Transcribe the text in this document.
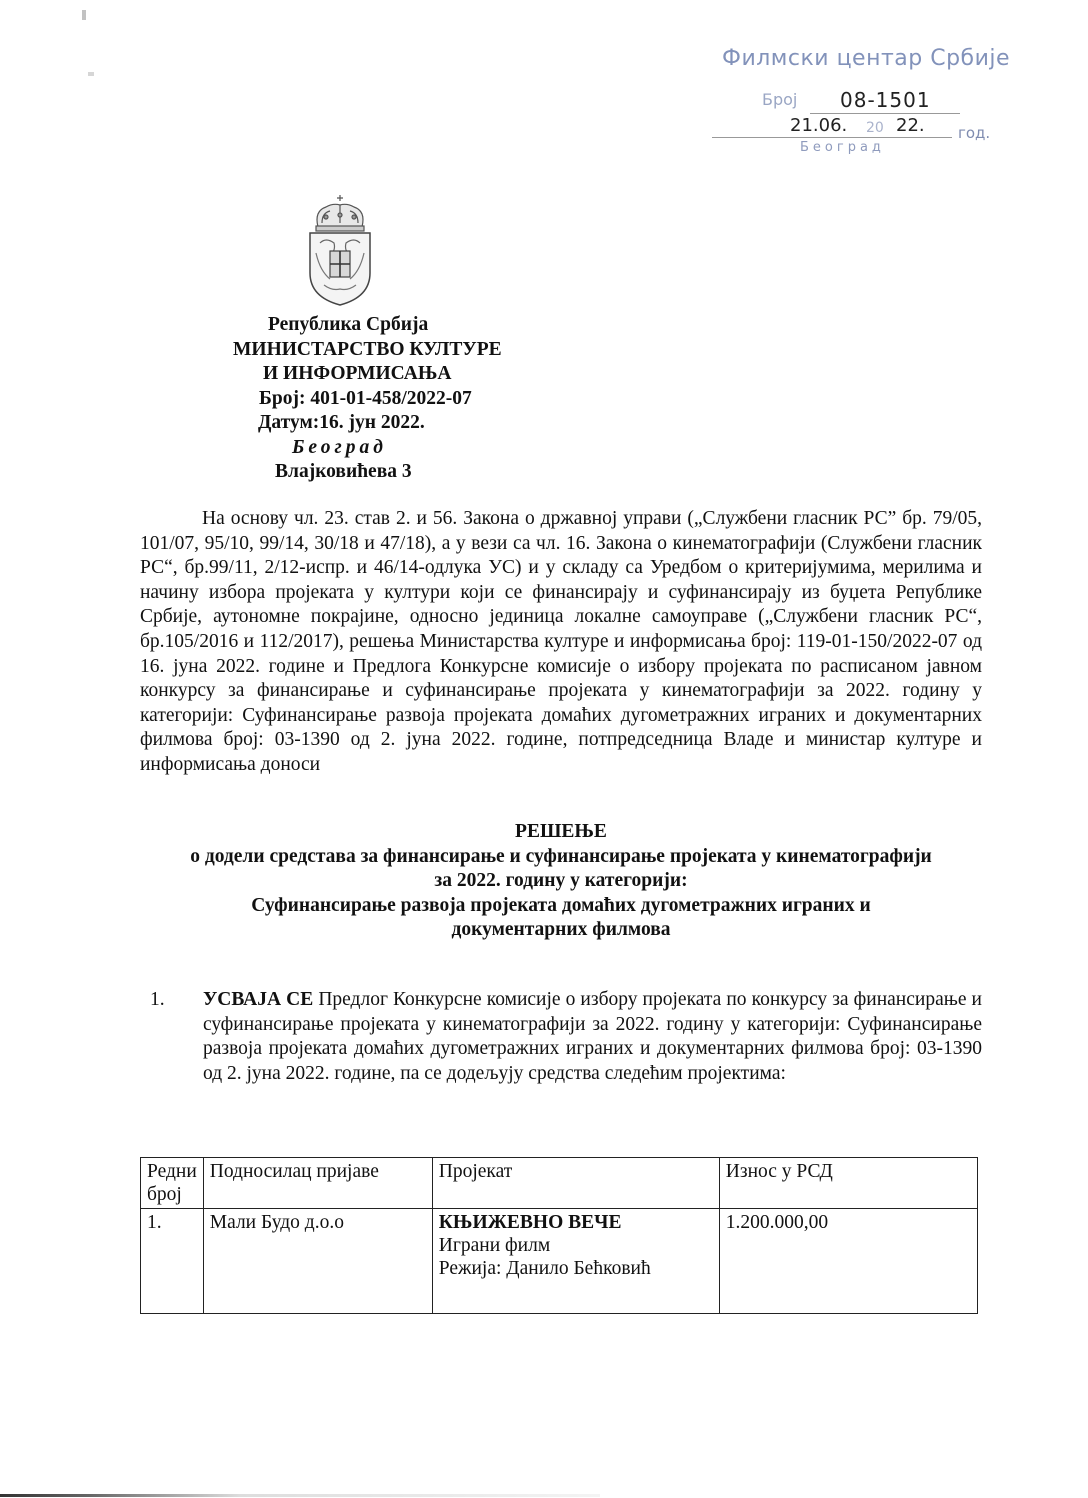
Филмски центар Србије
Број 08-1501
21.06. 20 22. год.
Београд
Република Србија
МИНИСТАРСТВО КУЛТУРЕ
И ИНФОРМИСАЊА
Број: 401-01-458/2022-07
Датум:16. јун 2022.
Београд
Влајковићева 3
На основу чл. 23. став 2. и 56. Закона о државној управи („Службени гласник РС” бр. 79/05, 101/07, 95/10, 99/14, 30/18 и 47/18), а у вези са чл. 16. Закона о кинематографији (Службени гласник РС“, бр.99/11, 2/12-испр. и 46/14-одлука УС) и у складу са Уредбом о критеријумима, мерилима и начину избора пројеката у култури који се финансирају и суфинансирају из буџета Републике Србије, аутономне покрајине, односно јединица локалне самоуправе („Службени гласник РС“, бр.105/2016 и 112/2017), решења Министарства културе и информисања број: 119-01-150/2022-07 од 16. јуна 2022. године и Предлога Конкурсне комисије о избору пројеката по расписаном јавном конкурсу за финансирање и суфинансирање пројеката у кинематографији за 2022. годину у категорији: Суфинансирање развоја пројеката домаћих дугометражних играних и документарних филмова број: 03-1390 од 2. јуна 2022. године, потпредседница Владе и министар културе и информисања доноси
РЕШЕЊЕ
о додели средстава за финансирање и суфинансирање пројеката у кинематографији
за 2022. годину у категорији:
Суфинансирање развоја пројеката домаћих дугометражних играних и
документарних филмова
1. УСВАЈА СЕ Предлог Конкурсне комисије о избору пројеката по конкурсу за финансирање и суфинансирање пројеката у кинематографији за 2022. годину у категорији: Суфинансирање развоја пројеката домаћих дугометражних играних и документарних филмова број: 03-1390 од 2. јуна 2022. године, па се додељују средства следећим пројектима:
Редни број	Подносилац пријаве	Пројекат	Износ у РСД
1.	Мали Будо д.о.о	КЊИЖЕВНО ВЕЧЕ
Играни филм
Режија: Данило Бећковић	1.200.000,00
